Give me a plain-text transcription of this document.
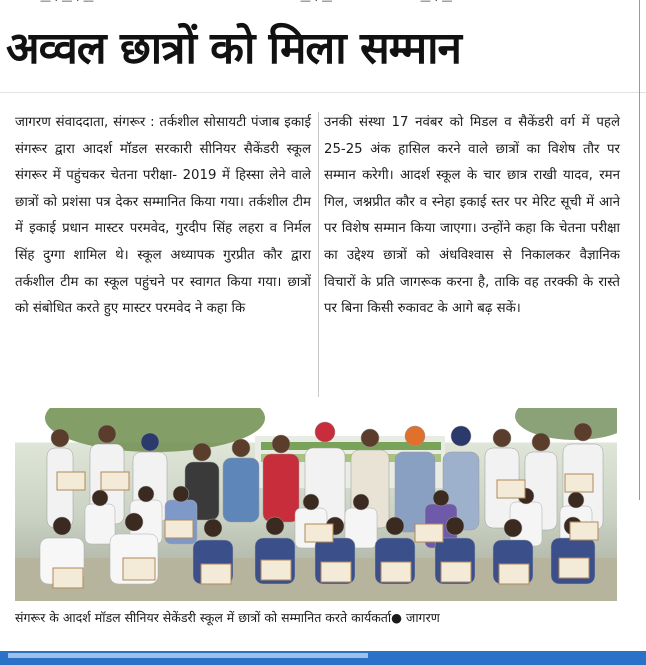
— · — · —	— · —	— · —
अव्वल छात्रों को मिला सम्मान

जागरण संवाददाता, संगरूर : तर्कशील सोसायटी पंजाब इकाई संगरूर द्वारा आदर्श मॉडल सरकारी सीनियर सैकेंडरी स्कूल संगरूर में पहुंचकर चेतना परीक्षा- 2019 में हिस्सा लेने वाले छात्रों को प्रशंसा पत्र देकर सम्मानित किया गया। तर्कशील टीम में इकाई प्रधान मास्टर परमवेद, गुरदीप सिंह लहरा व निर्मल सिंह दुग्गा शामिल थे। स्कूल अध्यापक गुरप्रीत कौर द्वारा तर्कशील टीम का स्कूल पहुंचने पर स्वागत किया गया। छात्रों को संबोधित करते हुए मास्टर परमवेद ने कहा कि

उनकी संस्था 17 नवंबर को मिडल व सैकेंडरी वर्ग में पहले 25-25 अंक हासिल करने वाले छात्रों का विशेष तौर पर सम्मान करेगी। आदर्श स्कूल के चार छात्र राखी यादव, रमन गिल, जश्नप्रीत कौर व स्नेहा इकाई स्तर पर मेरिट सूची में आने पर विशेष सम्मान किया जाएगा। उन्होंने कहा कि चेतना परीक्षा का उद्देश्य छात्रों को अंधविश्वास से निकालकर वैज्ञानिक विचारों के प्रति जागरूक करना है, ताकि वह तरक्की के रास्ते पर बिना किसी रुकावट के आगे बढ़ सकें।

संगरूर के आदर्श मॉडल सीनियर सेकेंडरी स्कूल में छात्रों को सम्मानित करते कार्यकर्ता● जागरण
